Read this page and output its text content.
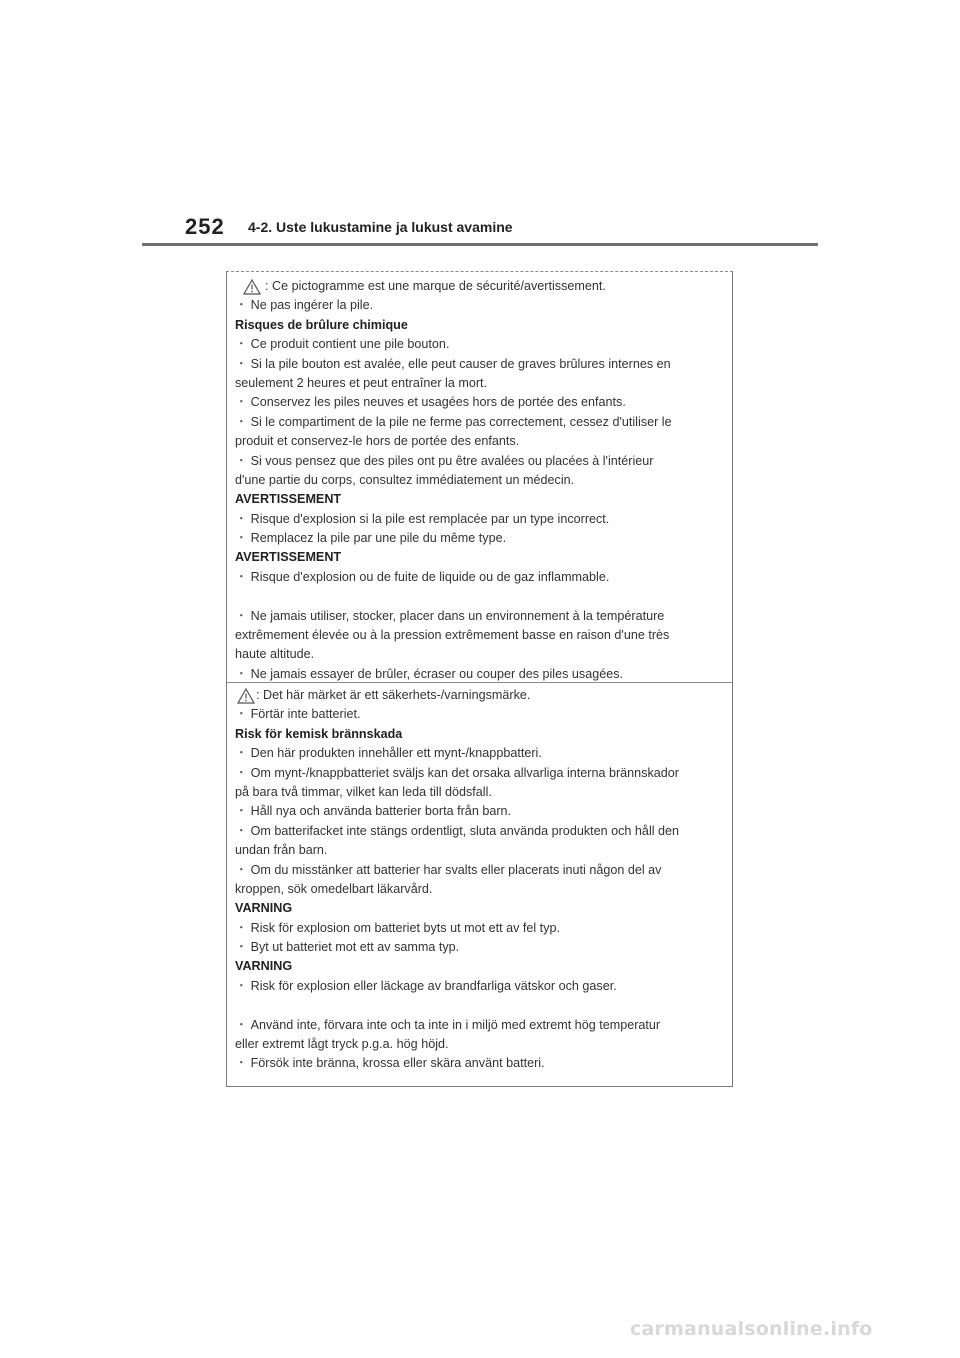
252 4-2. Uste lukustamine ja lukust avamine
: Ce pictogramme est une marque de sécurité/avertissement.
・ Ne pas ingérer la pile.
Risques de brûlure chimique
・ Ce produit contient une pile bouton.
・ Si la pile bouton est avalée, elle peut causer de graves brûlures internes en
seulement 2 heures et peut entraîner la mort.
・ Conservez les piles neuves et usagées hors de portée des enfants.
・ Si le compartiment de la pile ne ferme pas correctement, cessez d'utiliser le
produit et conservez-le hors de portée des enfants.
・ Si vous pensez que des piles ont pu être avalées ou placées à l'intérieur
d'une partie du corps, consultez immédiatement un médecin.
AVERTISSEMENT
・ Risque d'explosion si la pile est remplacée par un type incorrect.
・ Remplacez la pile par une pile du même type.
AVERTISSEMENT
・ Risque d'explosion ou de fuite de liquide ou de gaz inflammable.
・ Ne jamais utiliser, stocker, placer dans un environnement à la température
extrêmement élevée ou à la pression extrêmement basse en raison d'une très
haute altitude.
・ Ne jamais essayer de brûler, écraser ou couper des piles usagées.
: Det här märket är ett säkerhets-/varningsmärke.
・ Förtär inte batteriet.
Risk för kemisk brännskada
・ Den här produkten innehåller ett mynt-/knappbatteri.
・ Om mynt-/knappbatteriet sväljs kan det orsaka allvarliga interna brännskador
på bara två timmar, vilket kan leda till dödsfall.
・ Håll nya och använda batterier borta från barn.
・ Om batterifacket inte stängs ordentligt, sluta använda produkten och håll den
undan från barn.
・ Om du misstänker att batterier har svalts eller placerats inuti någon del av
kroppen, sök omedelbart läkarvård.
VARNING
・ Risk för explosion om batteriet byts ut mot ett av fel typ.
・ Byt ut batteriet mot ett av samma typ.
VARNING
・ Risk för explosion eller läckage av brandfarliga vätskor och gaser.
・ Använd inte, förvara inte och ta inte in i miljö med extremt hög temperatur
eller extremt lågt tryck p.g.a. hög höjd.
・ Försök inte bränna, krossa eller skära använt batteri.
carmanualsonline.info
